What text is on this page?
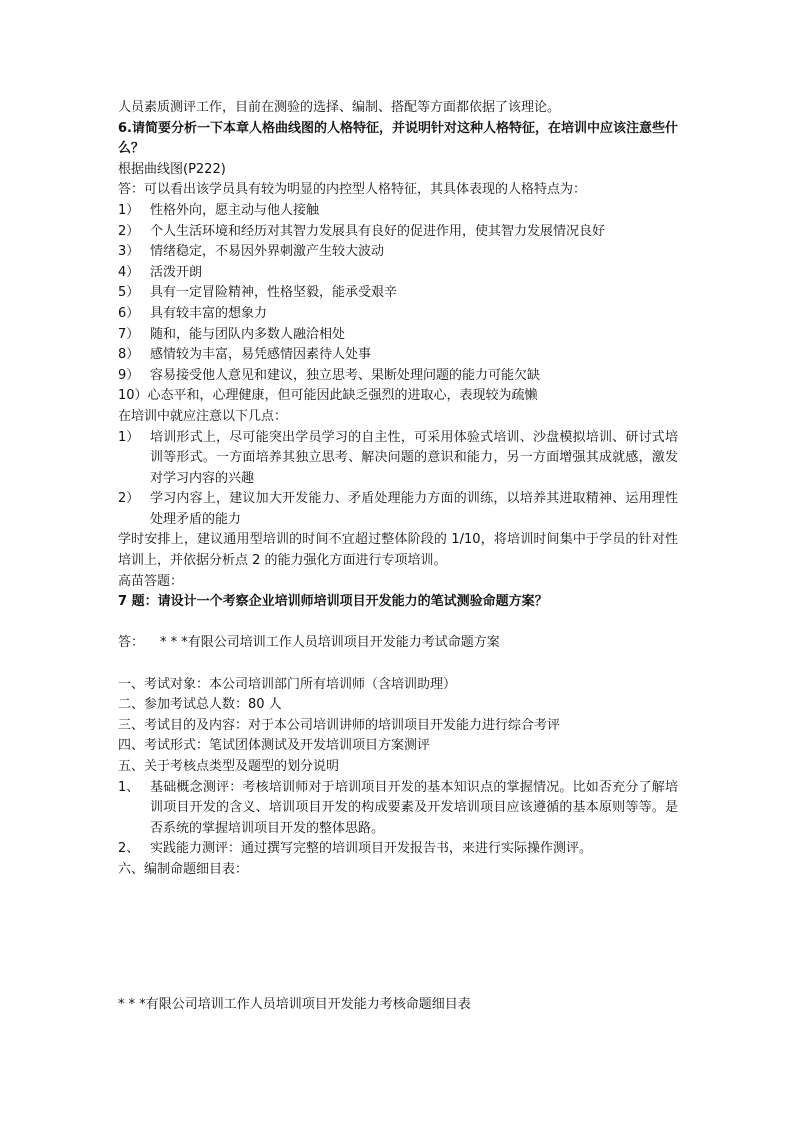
人员素质测评工作，目前在测验的选择、编制、搭配等方面都依据了该理论。

6.请简要分析一下本章人格曲线图的人格特征，并说明针对这种人格特征，在培训中应该注意些什么？

根据曲线图(P222)

答：可以看出该学员具有较为明显的内控型人格特征，其具体表现的人格特点为：

1） 性格外向，愿主动与他人接触
2） 个人生活环境和经历对其智力发展具有良好的促进作用，使其智力发展情况良好
3） 情绪稳定，不易因外界刺激产生较大波动
4） 活泼开朗
5） 具有一定冒险精神，性格坚毅，能承受艰辛
6） 具有较丰富的想象力
7） 随和，能与团队内多数人融洽相处
8） 感情较为丰富，易凭感情因素待人处事
9） 容易接受他人意见和建议，独立思考、果断处理问题的能力可能欠缺

10）心态平和，心理健康，但可能因此缺乏强烈的进取心，表现较为疏懒

在培训中就应注意以下几点：

1） 培训形式上，尽可能突出学员学习的自主性，可采用体验式培训、沙盘模拟培训、研讨式培训等形式。一方面培养其独立思考、解决问题的意识和能力，另一方面增强其成就感，激发对学习内容的兴趣
2） 学习内容上，建议加大开发能力、矛盾处理能力方面的训练，以培养其进取精神、运用理性处理矛盾的能力

学时安排上，建议通用型培训的时间不宜超过整体阶段的 1/10，将培训时间集中于学员的针对性培训上，并依据分析点 2 的能力强化方面进行专项培训。

高苗答题：

7 题：请设计一个考察企业培训师培训项目开发能力的笔试测验命题方案？

答：	* * *有限公司培训工作人员培训项目开发能力考试命题方案

一、考试对象：本公司培训部门所有培训师（含培训助理）

二、参加考试总人数：80 人

三、考试目的及内容：对于本公司培训讲师的培训项目开发能力进行综合考评

四、考试形式：笔试团体测试及开发培训项目方案测评

五、关于考核点类型及题型的划分说明

1、 基础概念测评：考核培训师对于培训项目开发的基本知识点的掌握情况。比如否充分了解培训项目开发的含义、培训项目开发的构成要素及开发培训项目应该遵循的基本原则等等。是否系统的掌握培训项目开发的整体思路。
2、 实践能力测评：通过撰写完整的培训项目开发报告书，来进行实际操作测评。

六、编制命题细目表：

* * *有限公司培训工作人员培训项目开发能力考核命题细目表
